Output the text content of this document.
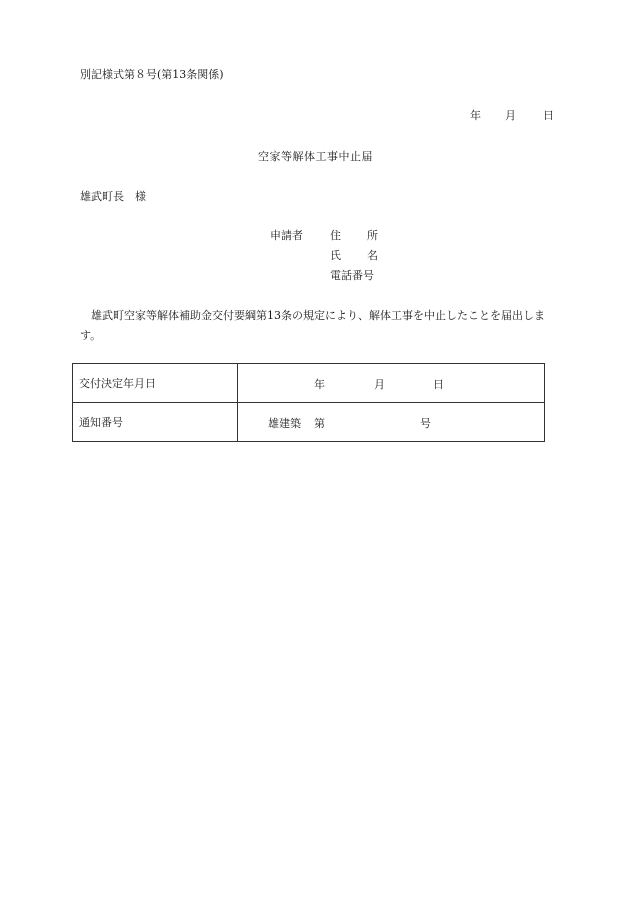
別記様式第８号(第13条関係)
年 月 日
空家等解体工事中止届
雄武町長　様
申請者 住 所
氏 名
電話番号
雄武町空家等解体補助金交付要綱第13条の規定により、解体工事を中止したことを届出します。
交付決定年月日	年 月 日

通知番号	雄建築 第 号
